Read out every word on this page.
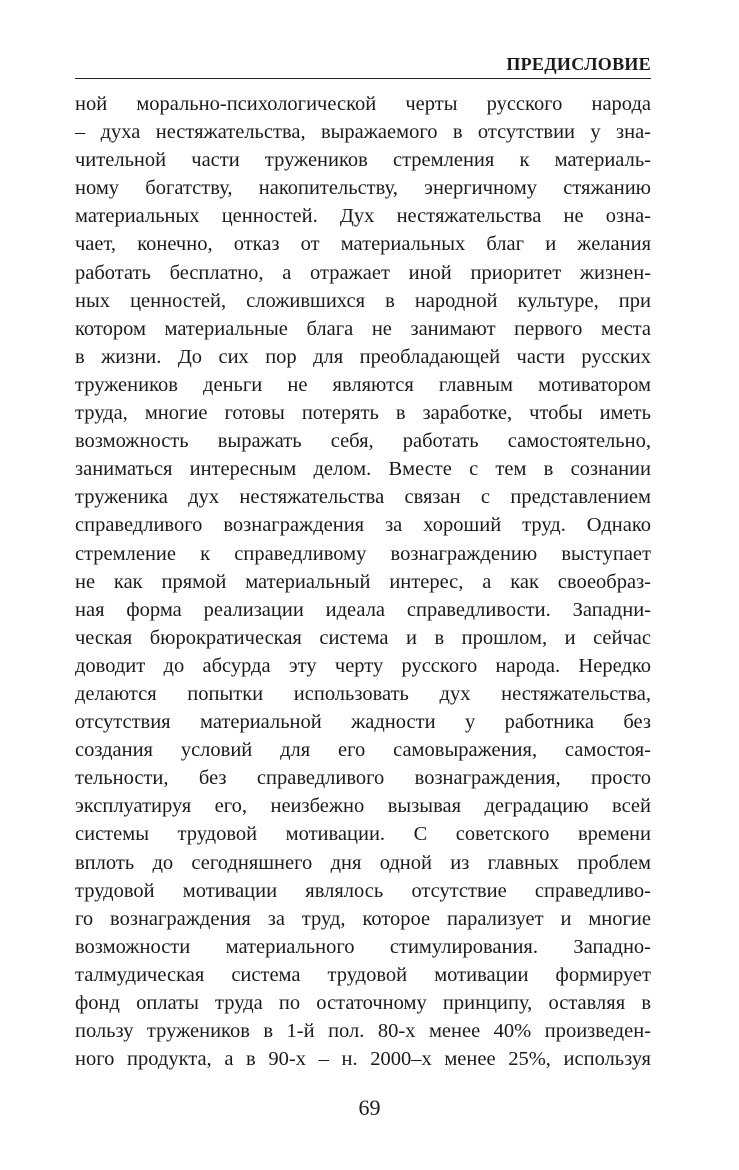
ПРЕДИСЛОВИЕ
ной морально-психологической черты русского народа
– духа нестяжательства, выражаемого в отсутствии у зна-
чительной части тружеников стремления к материаль-
ному богатству, накопительству, энергичному стяжанию
материальных ценностей. Дух нестяжательства не озна-
чает, конечно, отказ от материальных благ и желания
работать бесплатно, а отражает иной приоритет жизнен-
ных ценностей, сложившихся в народной культуре, при
котором материальные блага не занимают первого места
в жизни. До сих пор для преобладающей части русских
тружеников деньги не являются главным мотиватором
труда, многие готовы потерять в заработке, чтобы иметь
возможность выражать себя, работать самостоятельно,
заниматься интересным делом. Вместе с тем в сознании
труженика дух нестяжательства связан с представлением
справедливого вознаграждения за хороший труд. Однако
стремление к справедливому вознаграждению выступает
не как прямой материальный интерес, а как своеобраз-
ная форма реализации идеала справедливости. Западни-
ческая бюрократическая система и в прошлом, и сейчас
доводит до абсурда эту черту русского народа. Нередко
делаются попытки использовать дух нестяжательства,
отсутствия материальной жадности у работника без
создания условий для его самовыражения, самостоя-
тельности, без справедливого вознаграждения, просто
эксплуатируя его, неизбежно вызывая деградацию всей
системы трудовой мотивации. С советского времени
вплоть до сегодняшнего дня одной из главных проблем
трудовой мотивации являлось отсутствие справедливо-
го вознаграждения за труд, которое парализует и многие
возможности материального стимулирования. Западно-
талмудическая система трудовой мотивации формирует
фонд оплаты труда по остаточному принципу, оставляя в
пользу тружеников в 1-й пол. 80-х менее 40% произведен-
ного продукта, а в 90-х – н. 2000–х менее 25%, используя
69
